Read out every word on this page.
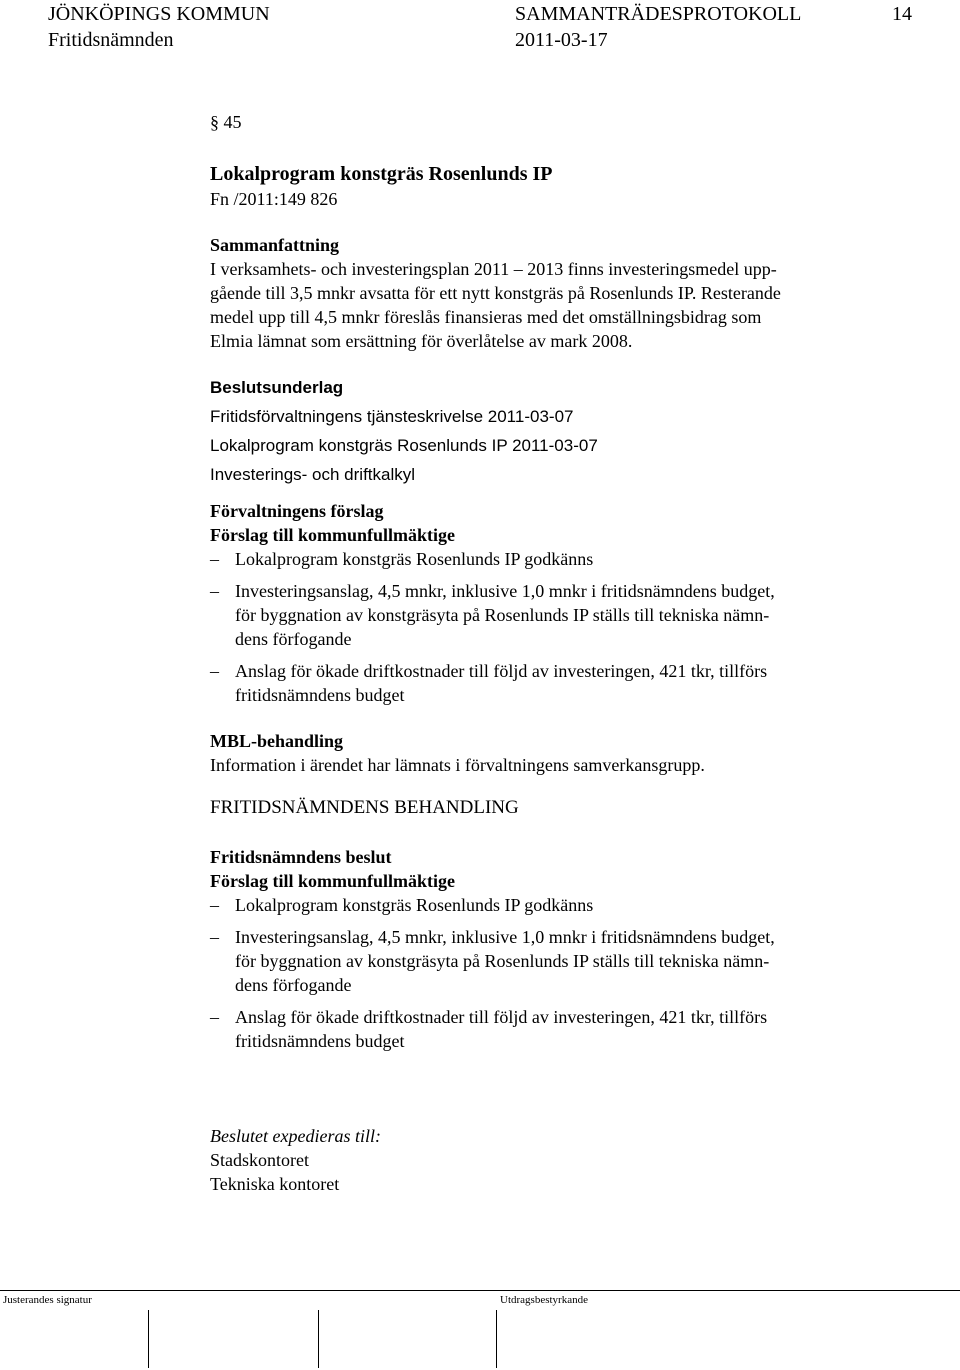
JÖNKÖPINGS KOMMUN	SAMMANTRÄDESPROTOKOLL	14
Fritidsnämnden	2011-03-17
§ 45
Lokalprogram konstgräs Rosenlunds IP
Fn /2011:149 826
Sammanfattning
I verksamhets- och investeringsplan 2011 – 2013 finns investeringsmedel upp-
gående till 3,5 mnkr avsatta för ett nytt konstgräs på Rosenlunds IP. Resterande
medel upp till 4,5 mnkr föreslås finansieras med det omställningsbidrag som
Elmia lämnat som ersättning för överlåtelse av mark 2008.
Beslutsunderlag
Fritidsförvaltningens tjänsteskrivelse 2011-03-07
Lokalprogram konstgräs Rosenlunds IP 2011-03-07
Investerings- och driftkalkyl
Förvaltningens förslag
Förslag till kommunfullmäktige
– Lokalprogram konstgräs Rosenlunds IP godkänns
– Investeringsanslag, 4,5 mnkr, inklusive 1,0 mnkr i fritidsnämndens budget,
för byggnation av konstgräsyta på Rosenlunds IP ställs till tekniska nämn-
dens förfogande
– Anslag för ökade driftkostnader till följd av investeringen, 421 tkr, tillförs
fritidsnämndens budget
MBL-behandling
Information i ärendet har lämnats i förvaltningens samverkansgrupp.
FRITIDSNÄMNDENS BEHANDLING
Fritidsnämndens beslut
Förslag till kommunfullmäktige
– Lokalprogram konstgräs Rosenlunds IP godkänns
– Investeringsanslag, 4,5 mnkr, inklusive 1,0 mnkr i fritidsnämndens budget,
för byggnation av konstgräsyta på Rosenlunds IP ställs till tekniska nämn-
dens förfogande
– Anslag för ökade driftkostnader till följd av investeringen, 421 tkr, tillförs
fritidsnämndens budget
Beslutet expedieras till:
Stadskontoret
Tekniska kontoret
Justerandes signatur	Utdragsbestyrkande
